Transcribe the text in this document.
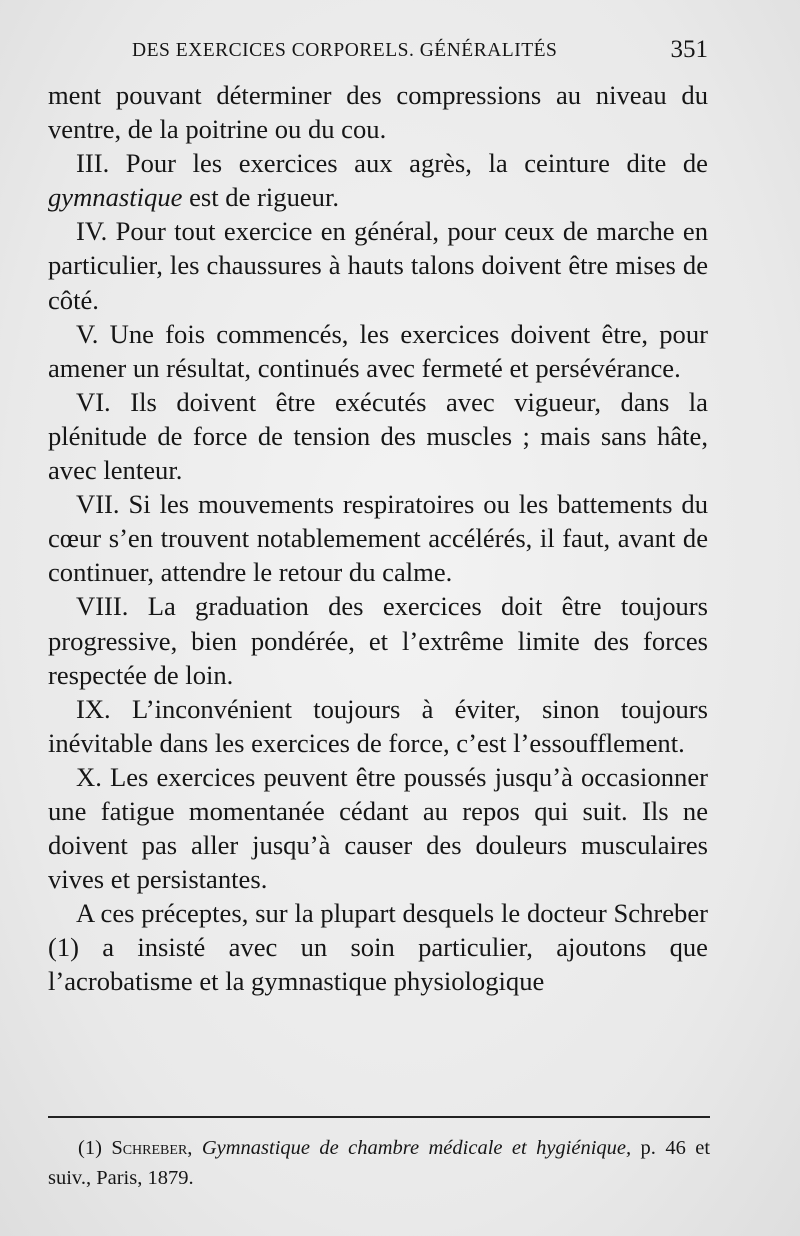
DES EXERCICES CORPORELS. GÉNÉRALITÉS	351

ment pouvant déterminer des compressions au niveau du ventre, de la poitrine ou du cou.

III. Pour les exercices aux agrès, la ceinture dite de gymnastique est de rigueur.

IV. Pour tout exercice en général, pour ceux de marche en particulier, les chaussures à hauts talons doivent être mises de côté.

V. Une fois commencés, les exercices doivent être, pour amener un résultat, continués avec fermeté et persévérance.

VI. Ils doivent être exécutés avec vigueur, dans la plénitude de force de tension des muscles ; mais sans hâte, avec lenteur.

VII. Si les mouvements respiratoires ou les battements du cœur s’en trouvent notablemement accélérés, il faut, avant de continuer, attendre le retour du calme.

VIII. La graduation des exercices doit être toujours progressive, bien pondérée, et l’extrême limite des forces respectée de loin.

IX. L’inconvénient toujours à éviter, sinon toujours inévitable dans les exercices de force, c’est l’essoufflement.

X. Les exercices peuvent être poussés jusqu’à occasionner une fatigue momentanée cédant au repos qui suit. Ils ne doivent pas aller jusqu’à causer des douleurs musculaires vives et persistantes.

A ces préceptes, sur la plupart desquels le docteur Schreber (1) a insisté avec un soin particulier, ajoutons que l’acrobatisme et la gymnastique physiologique

(1) Schreber, Gymnastique de chambre médicale et hygiénique, p. 46 et suiv., Paris, 1879.
